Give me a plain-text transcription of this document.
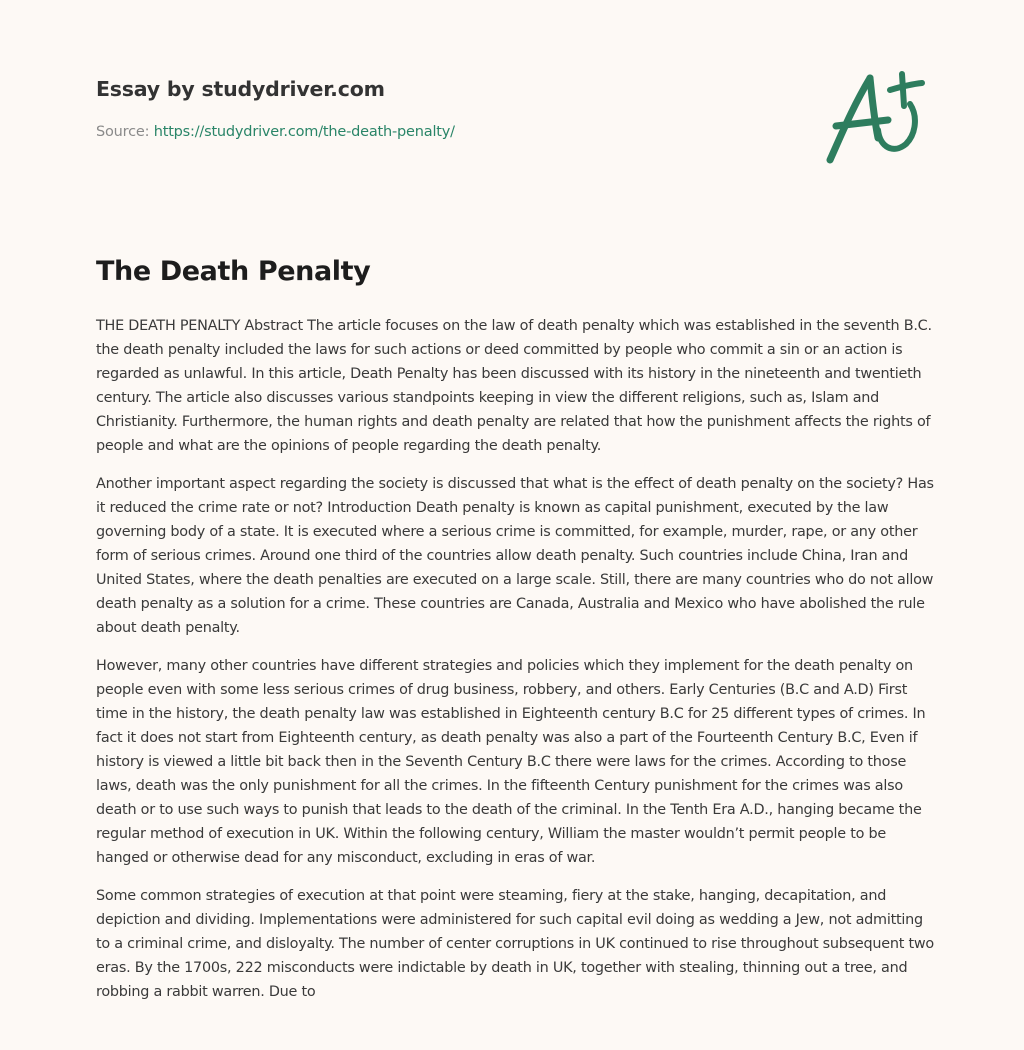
Essay by studydriver.com
Source: https://studydriver.com/the-death-penalty/
The Death Penalty

THE DEATH PENALTY Abstract The article focuses on the law of death penalty which was established in the seventh B.C. the death penalty included the laws for such actions or deed committed by people who commit a sin or an action is regarded as unlawful. In this article, Death Penalty has been discussed with its history in the nineteenth and twentieth century. The article also discusses various standpoints keeping in view the different religions, such as, Islam and Christianity. Furthermore, the human rights and death penalty are related that how the punishment affects the rights of people and what are the opinions of people regarding the death penalty.

Another important aspect regarding the society is discussed that what is the effect of death penalty on the society? Has it reduced the crime rate or not? Introduction Death penalty is known as capital punishment, executed by the law governing body of a state. It is executed where a serious crime is committed, for example, murder, rape, or any other form of serious crimes. Around one third of the countries allow death penalty. Such countries include China, Iran and United States, where the death penalties are executed on a large scale. Still, there are many countries who do not allow death penalty as a solution for a crime. These countries are Canada, Australia and Mexico who have abolished the rule about death penalty.

However, many other countries have different strategies and policies which they implement for the death penalty on people even with some less serious crimes of drug business, robbery, and others. Early Centuries (B.C and A.D) First time in the history, the death penalty law was established in Eighteenth century B.C for 25 different types of crimes. In fact it does not start from Eighteenth century, as death penalty was also a part of the Fourteenth Century B.C, Even if history is viewed a little bit back then in the Seventh Century B.C there were laws for the crimes. According to those laws, death was the only punishment for all the crimes. In the fifteenth Century punishment for the crimes was also death or to use such ways to punish that leads to the death of the criminal. In the Tenth Era A.D., hanging became the regular method of execution in UK. Within the following century, William the master wouldn’t permit people to be hanged or otherwise dead for any misconduct, excluding in eras of war.

Some common strategies of execution at that point were steaming, fiery at the stake, hanging, decapitation, and depiction and dividing. Implementations were administered for such capital evil doing as wedding a Jew, not admitting to a criminal crime, and disloyalty. The number of center corruptions in UK continued to rise throughout subsequent two eras. By the 1700s, 222 misconducts were indictable by death in UK, together with stealing, thinning out a tree, and robbing a rabbit warren. Due to
